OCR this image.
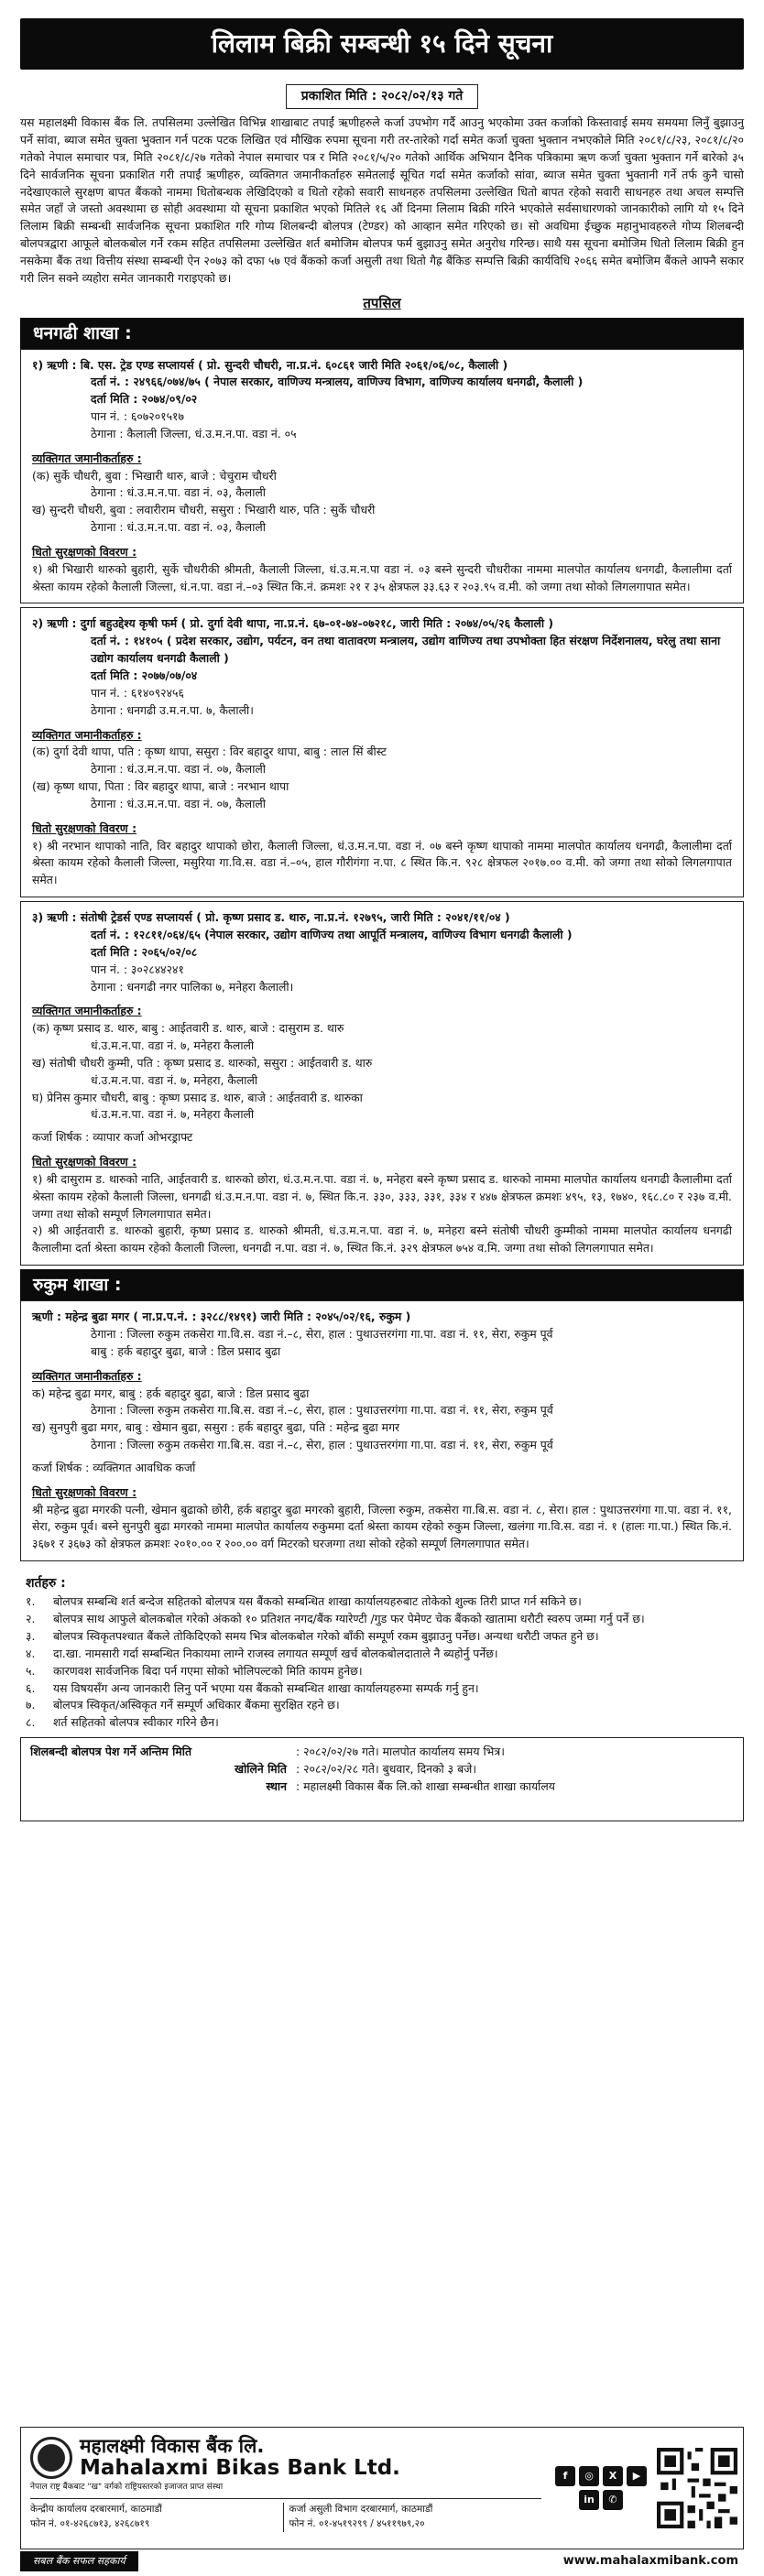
लिलाम बिक्री सम्बन्धी १५ दिने सूचना
प्रकाशित मिति : २०८२/०२/१३ गते

यस महालक्ष्मी विकास बैंक लि. तपसिलमा उल्लेखित विभिन्न शाखाबाट तपाईं ऋणीहरुले कर्जा उपभोग गर्दै आउनु भएकोमा उक्त कर्जाको किस्तावाई समय समयमा लिनुँ बुझाउनु पर्ने सांवा, ब्याज समेत चुक्ता भुक्तान गर्न पटक पटक लिखित एवं मौखिक रुपमा सूचना गरी तर-तारेको गर्दा समेत कर्जा चुक्ता भुक्तान नभएकोले मिति २०८१/८/२३, २०८१/८/२० गतेको नेपाल समाचार पत्र, मिति २०८१/८/२७ गतेको नेपाल समाचार पत्र र मिति २०८१/५/२० गतेको आर्थिक अभियान दैनिक पत्रिकामा ऋण कर्जा चुक्ता भुक्तान गर्ने बारेको ३५ दिने सार्वजनिक सूचना प्रकाशित गरी तपाईं ऋणीहरु, व्यक्तिगत जमानीकर्ताहरु समेतलाई सूचित गर्दा समेत कर्जाको सांवा, ब्याज समेत चुक्ता भुक्तानी गर्ने तर्फ कुनै चासो नदेखाएकाले सुरक्षण बापत बैंकको नाममा धितोबन्धक लेखिदिएको व धितो रहेको सवारी साधनहरु तपसिलमा उल्लेखित धितो बापत रहेको सवारी साधनहरु तथा अचल सम्पत्ति समेत जहाँ जे जस्तो अवस्थामा छ सोही अवस्थामा यो सूचना प्रकाशित भएको मितिले १६ औं दिनमा लिलाम बिक्री गरिने भएकोले सर्वसाधारणको जानकारीको लागि यो १५ दिने लिलाम बिक्री सम्बन्धी सार्वजनिक सूचना प्रकाशित गरि गोप्य शिलबन्दी बोलपत्र (टेण्डर) को आव्हान समेत गरिएको छ। सो अवधिमा ईच्छुक महानुभावहरुले गोप्य शिलबन्दी बोलपत्रद्वारा आफूले बोलकबोल गर्ने रकम सहित तपसिलमा उल्लेखित शर्त बमोजिम बोलपत्र फर्म बुझाउनु समेत अनुरोध गरिन्छ। साथै यस सूचना बमोजिम धितो लिलाम बिक्री हुन नसकेमा बैंक तथा वित्तीय संस्था सम्बन्धी ऐन २०७३ को दफा ५७ एवं बैंकको कर्जा असुली तथा धितो गैह्र बैंकिङ सम्पत्ति बिक्री कार्यविधि २०६६ समेत बमोजिम बैंकले आफ्नै सकार गरी लिन सक्ने व्यहोरा समेत जानकारी गराइएको छ।

तपसिल
धनगढी शाखा :
१) ऋणी : बि. एस. ट्रेड एण्ड सप्लायर्स ( प्रो. सुन्दरी चौधरी, ना.प्र.नं. ६०८६१ जारी मिति २०६१/०६/०८, कैलाली )
दर्ता नं. : २४९६६/०७४/७५ ( नेपाल सरकार, वाणिज्य मन्त्रालय, वाणिज्य विभाग, वाणिज्य कार्यालय धनगढी, कैलाली )
दर्ता मिति : २०७४/०९/०२
पान नं. : ६०७२०१५१७
ठेगाना : कैलाली जिल्ला, धं.उ.म.न.पा. वडा नं. ०५
व्यक्तिगत जमानीकर्ताहरु :
(क) सुर्के चौधरी, बुवा : भिखारी थारु, बाजे : चेचुराम चौधरी
ठेगाना : धं.उ.म.न.पा. वडा नं. ०३, कैलाली
ख) सुन्दरी चौधरी, बुवा : लवारीराम चौधरी, ससुरा : भिखारी थारु, पति : सुर्के चौधरी
ठेगाना : धं.उ.म.न.पा. वडा नं. ०३, कैलाली
धितो सुरक्षणको विवरण :
१) श्री भिखारी थारुको बुहारी, सुर्के चौधरीकी श्रीमती, कैलाली जिल्ला, धं.उ.म.न.पा वडा नं. ०३ बस्ने सुन्दरी चौधरीका नाममा मालपोत कार्यालय धनगढी, कैलालीमा दर्ता श्रेस्ता कायम रहेको कैलाली जिल्ला, धं.न.पा. वडा नं.–०३ स्थित कि.नं. क्रमशः २१ र ३५ क्षेत्रफल ३३.६३ र २०३.९५ व.मी. को जग्गा तथा सोको लिगलगापात समेत।
२) ऋणी : दुर्गा बहुउद्देश्य कृषी फर्म ( प्रो. दुर्गा देवी थापा, ना.प्र.नं. ६७-०१-७४-०७२१८, जारी मिति : २०७४/०५/२६ कैलाली )
दर्ता नं. : १४१०५ ( प्रदेश सरकार, उद्योग, पर्यटन, वन तथा वातावरण मन्त्रालय, उद्योग वाणिज्य तथा उपभोक्ता हित संरक्षण निर्देशनालय, घरेलु तथा साना उद्योग कार्यालय धनगढी कैलाली )
दर्ता मिति : २०७७/०७/०४
पान नं. : ६१४०९२४५६
ठेगाना : धनगढी उ.म.न.पा. ७, कैलाली।
व्यक्तिगत जमानीकर्ताहरु :
(क) दुर्गा देवी थापा, पति : कृष्ण थापा, ससुरा : विर बहादुर थापा, बाबु : लाल सिं बीस्ट
ठेगाना : धं.उ.म.न.पा. वडा नं. ०७, कैलाली
(ख) कृष्ण थापा, पिता : विर बहादुर थापा, बाजे : नरभान थापा
ठेगाना : धं.उ.म.न.पा. वडा नं. ०७, कैलाली
धितो सुरक्षणको विवरण :
१) श्री नरभान थापाको नाति, विर बहादुर थापाको छोरा, कैलाली जिल्ला, धं.उ.म.न.पा. वडा नं. ०७ बस्ने कृष्ण थापाको नाममा मालपोत कार्यालय धनगढी, कैलालीमा दर्ता श्रेस्ता कायम रहेको कैलाली जिल्ला, मसुरिया गा.वि.स. वडा नं.–०५, हाल गौरीगंगा न.पा. ८ स्थित कि.न. ९२८ क्षेत्रफल २०१७.०० व.मी. को जग्गा तथा सोको लिगलगापात समेत।
३) ऋणी : संतोषी ट्रेडर्स एण्ड सप्लायर्स ( प्रो. कृष्ण प्रसाद ड. थारु, ना.प्र.नं. १२७९५, जारी मिति : २०४१/११/०४ )
दर्ता नं. : १२८११/०६४/६५ (नेपाल सरकार, उद्योग वाणिज्य तथा आपूर्ति मन्त्रालय, वाणिज्य विभाग धनगढी कैलाली )
दर्ता मिति : २०६५/०२/०८
पान नं. : ३०२८४४२४१
ठेगाना : धनगढी नगर पालिका ७, मनेहरा कैलाली।
व्यक्तिगत जमानीकर्ताहरु :
(क) कृष्ण प्रसाद ड. थारु, बाबु : आईतवारी ड. थारु, बाजे : दासुराम ड. थारु
धं.उ.म.न.पा. वडा नं. ७, मनेहरा कैलाली
ख) संतोषी चौधरी कुम्मी, पति : कृष्ण प्रसाद ड. थारुको, ससुरा : आईतवारी ड. थारु
धं.उ.म.न.पा. वडा नं. ७, मनेहरा, कैलाली
घ) प्रेनिस कुमार चौधरी, बाबु : कृष्ण प्रसाद ड. थारु, बाजे : आईतवारी ड. थारुका
धं.उ.म.न.पा. वडा नं. ७, मनेहरा कैलाली
कर्जा शिर्षक : व्यापार कर्जा ओभरड्राफ्ट
धितो सुरक्षणको विवरण :
१) श्री दासुराम ड. थारुको नाति, आईतवारी ड. थारुको छोरा, धं.उ.म.न.पा. वडा नं. ७, मनेहरा बस्ने कृष्ण प्रसाद ड. थारुको नाममा मालपोत कार्यालय धनगढी कैलालीमा दर्ता श्रेस्ता कायम रहेको कैलाली जिल्ला, धनगढी धं.उ.म.न.पा. वडा नं. ७, स्थित कि.न. ३३०, ३३३, ३३१, ३३४ र ४४७ क्षेत्रफल क्रमशः ४९५, १३, १७४०, १६८.८० र २३७ व.मी. जग्गा तथा सोको सम्पूर्ण लिगलगापात समेत।
२) श्री आईतवारी ड. थारुको बुहारी, कृष्ण प्रसाद ड. थारुको श्रीमती, धं.उ.म.न.पा. वडा नं. ७, मनेहरा बस्ने संतोषी चौधरी कुम्मीको नाममा मालपोत कार्यालय धनगढी कैलालीमा दर्ता श्रेस्ता कायम रहेको कैलाली जिल्ला, धनगढी न.पा. वडा नं. ७, स्थित कि.नं. ३२९ क्षेत्रफल ७५४ व.मि. जग्गा तथा सोको लिगलगापात समेत।
रुकुम शाखा :
ऋणी : महेन्द्र बुढा मगर ( ना.प्र.प.नं. : ३२८८/१४९१) जारी मिति : २०४५/०२/१६, रुकुम )
ठेगाना : जिल्ला रुकुम तकसेरा गा.वि.स. वडा नं.–८, सेरा, हाल : पुथाउत्तरगंगा गा.पा. वडा नं. ११, सेरा, रुकुम पूर्व
बाबु : हर्क बहादुर बुढा, बाजे : डिल प्रसाद बुढा
व्यक्तिगत जमानीकर्ताहरु :
क) महेन्द्र बुढा मगर, बाबु : हर्क बहादुर बुढा, बाजे : डिल प्रसाद बुढा
ठेगाना : जिल्ला रुकुम तकसेरा गा.बि.स. वडा नं.–८, सेरा, हाल : पुथाउत्तरगंगा गा.पा. वडा नं. ११, सेरा, रुकुम पूर्व
ख) सुनपुरी बुढा मगर, बाबु : खेमान बुढा, ससुरा : हर्क बहादुर बुढा, पति : महेन्द्र बुढा मगर
ठेगाना : जिल्ला रुकुम तकसेरा गा.बि.स. वडा नं.–८, सेरा, हाल : पुथाउत्तरगंगा गा.पा. वडा नं. ११, सेरा, रुकुम पूर्व
कर्जा शिर्षक : व्यक्तिगत आवधिक कर्जा
धितो सुरक्षणको विवरण :
श्री महेन्द्र बुढा मगरकी पत्नी, खेमान बुढाको छोरी, हर्क बहादुर बुढा मगरको बुहारी, जिल्ला रुकुम, तकसेरा गा.बि.स. वडा नं. ८, सेरा। हाल : पुथाउत्तरगंगा गा.पा. वडा नं. ११, सेरा, रुकुम पूर्व। बस्ने सुनपुरी बुढा मगरको नाममा मालपोत कार्यालय रुकुममा दर्ता श्रेस्ता कायम रहेको रुकुम जिल्ला, खलंगा गा.वि.स. वडा नं. १ (हालः गा.पा.) स्थित कि.नं. ३६७१ र ३६७३ को क्षेत्रफल क्रमशः २०१०.०० र २००.०० वर्ग मिटरको घरजग्गा तथा सोको रहेको सम्पूर्ण लिगलगापात समेत।
शर्तहरु :
१.	बोलपत्र सम्बन्धि शर्त बन्देज सहितको बोलपत्र यस बैंकको सम्बन्धित शाखा कार्यालयहरुबाट तोकेको शुल्क तिरी प्राप्त गर्न सकिने छ।
२.	बोलपत्र साथ आफुले बोलकबोल गरेको अंकको १० प्रतिशत नगद/बैंक ग्यारेण्टी /गुड फर पेमेण्ट चेक बैंकको खातामा धरौटी स्वरुप जम्मा गर्नु पर्ने छ।
३.	बोलपत्र स्विकृतपश्चात बैंकले तोकिदिएको समय भित्र बोलकबोल गरेको बाँकी सम्पूर्ण रकम बुझाउनु पर्नेछ। अन्यथा धरौटी जफत हुने छ।
४.	दा.खा. नामसारी गर्दा सम्बन्धित निकायमा लाग्ने राजस्व लगायत सम्पूर्ण खर्च बोलकबोलदाताले नै ब्यहोर्नु पर्नेछ।
५.	कारणवश सार्वजनिक बिदा पर्न गएमा सोको भोलिपल्टको मिति कायम हुनेछ।
६.	यस विषयसँग अन्य जानकारी लिनु पर्ने भएमा यस बैंकको सम्बन्धित शाखा कार्यालयहरुमा सम्पर्क गर्नु हुन।
७.	बोलपत्र स्विकृत/अस्विकृत गर्ने सम्पूर्ण अधिकार बैंकमा सुरक्षित रहने छ।
८.	शर्त सहितको बोलपत्र स्वीकार गरिने छैन।
शिलबन्दी बोलपत्र पेश गर्ने अन्तिम मिति	: २०८२/०२/२७ गते। मालपोत कार्यालय समय भित्र।
खोलिने मिति : २०८२/०२/२८ गते। बुधवार, दिनको ३ बजे।
स्थान : महालक्ष्मी विकास बैंक लि.को शाखा सम्बन्धीत शाखा कार्यालय
महालक्ष्मी विकास बैंक लि.
Mahalaxmi Bikas Bank Ltd.
नेपाल राष्ट्र बैंकबाट "ख" वर्गको राष्ट्रियस्तरको इजाजत प्राप्त संस्था
केन्द्रीय कार्यालय दरबारमार्ग, काठमाडौं
फोन नं. ०१-४२६८७१३, ४२६८७१९
कर्जा असुली विभाग दरबारमार्ग, काठमाडौं
फोन नं. ०१-४५१९२९९ / ४५११९७९,२०
f	◎	X	▶
in	✆
सबल बैंक सफल सहकार्य	www.mahalaxmibank.com
